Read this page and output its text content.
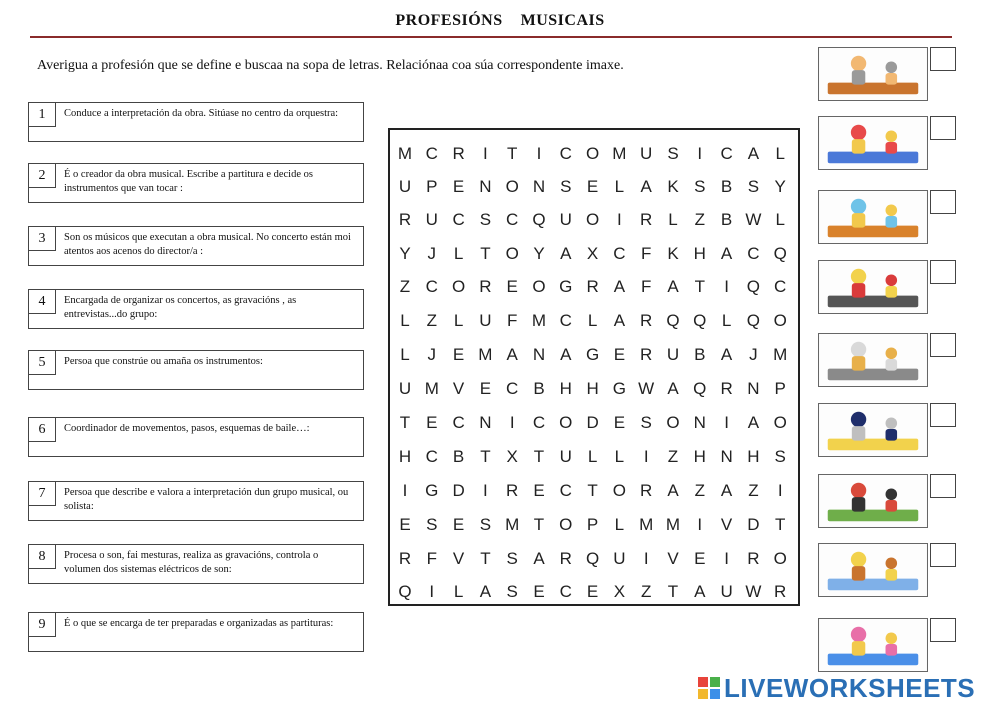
PROFESIÓNS    MUSICAIS
Averigua a profesión que se define e buscaa na sopa de letras. Relaciónaa coa súa correspondente imaxe.
1	Conduce a interpretación da obra. Sitúase no centro da orquestra:
2	É o creador da obra musical. Escribe a partitura e decide os instrumentos que van tocar :
3	Son os músicos que executan a obra musical. No concerto están moi atentos aos acenos do director/a :
4	Encargada de organizar os concertos, as gravacións , as entrevistas...do grupo:
5	Persoa que constrúe ou amaña os instrumentos:
6	Coordinador de movementos, pasos, esquemas de baile…:
7	Persoa que describe e valora a interpretación dun grupo musical, ou solista:
8	Procesa o son, fai mesturas, realiza as gravacións, controla o volumen dos sistemas eléctricos de son:
9	É o que se encarga de ter preparadas e organizadas as partituras:
M C R	I	T	I	C O M U S	I	C A L
U P E N O N S E L A K S B S Y
R U C S C Q U O	I	R L Z B W L
Y J	L T O Y A X C F K H A C Q
Z C O R E O G R A F A T	I	Q C
L Z L U F M C L A R Q Q L Q O
L	J E M A N A G E R U B A J M
U M V E C B H H G W A Q R N P
T E C N	I	C O D E S O N	I	A O
H C B T X T U L	L	I	Z H N H S
I	G D	I	R E C T O R A Z A Z	I
E S E S M T O P L M M	I	V D T
R F V T S A R Q U	I	V E	I	R O
Q	I	L A S E C E X Z T A U W R
LIVEWORKSHEETS
